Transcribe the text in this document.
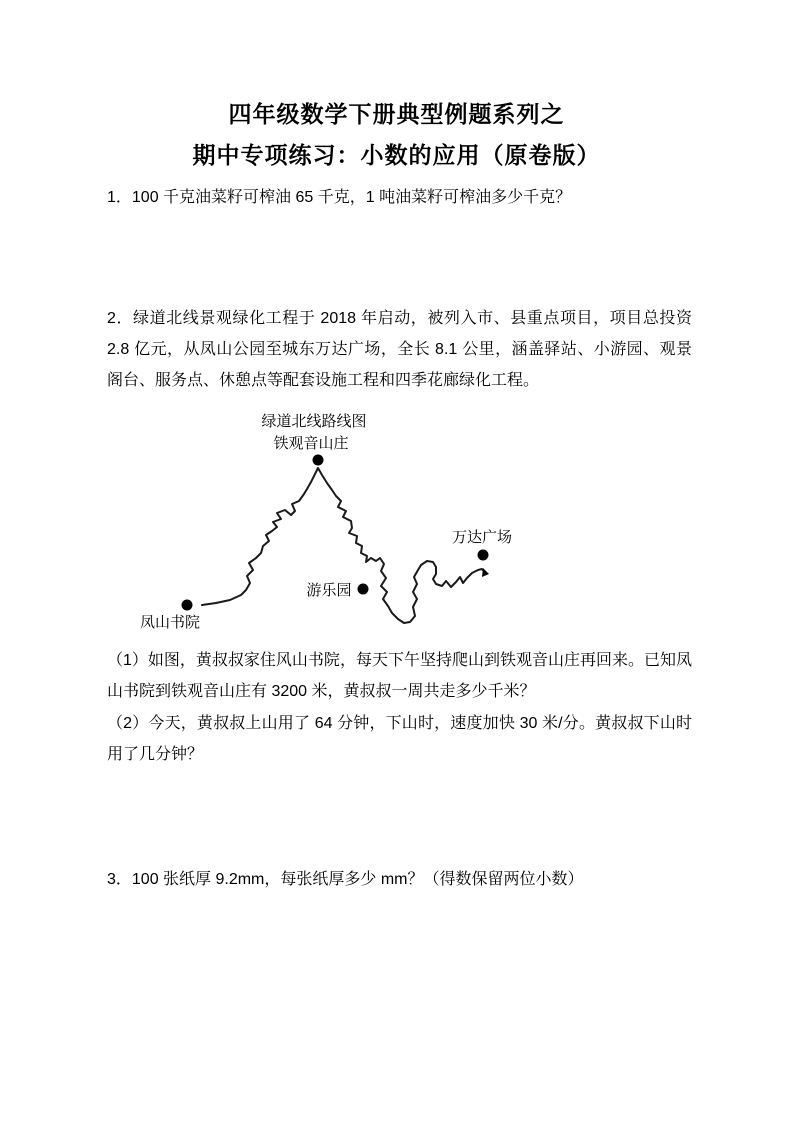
四年级数学下册典型例题系列之
期中专项练习：小数的应用（原卷版）

1．100 千克油菜籽可榨油 65 千克，1 吨油菜籽可榨油多少千克？

2．绿道北线景观绿化工程于 2018 年启动，被列入市、县重点项目，项目总投资 2.8 亿元，从凤山公园至城东万达广场，全长 8.1 公里，涵盖驿站、小游园、观景阁台、服务点、休憩点等配套设施工程和四季花廊绿化工程。

绿道北线路线图
铁观音山庄
万达广场
游乐园
凤山书院

（1）如图，黄叔叔家住风山书院，每天下午坚持爬山到铁观音山庄再回来。已知凤山书院到铁观音山庄有 3200 米，黄叔叔一周共走多少千米？

（2）今天，黄叔叔上山用了 64 分钟，下山时，速度加快 30 米/分。黄叔叔下山时用了几分钟？

3．100 张纸厚 9.2mm，每张纸厚多少 mm？（得数保留两位小数）
